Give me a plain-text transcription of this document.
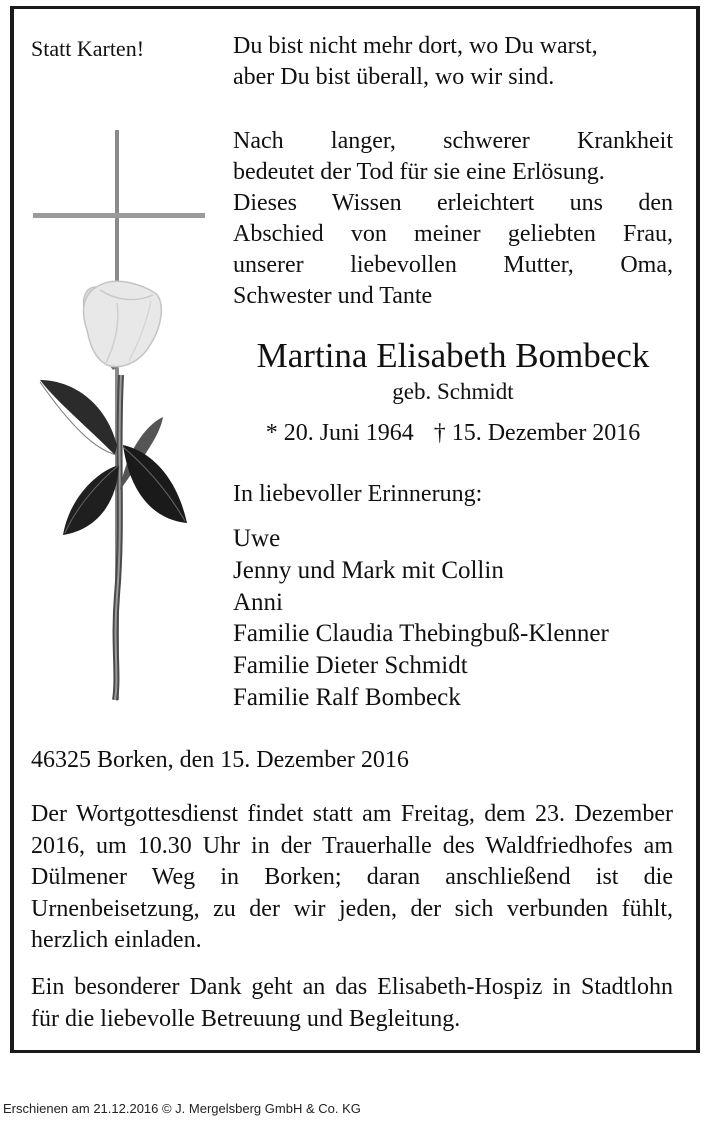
Statt Karten!	Du bist nicht mehr dort, wo Du warst,
aber Du bist überall, wo wir sind.
Nach langer, schwerer Krankheit
bedeutet der Tod für sie eine Erlösung.
Dieses Wissen erleichtert uns den
Abschied von meiner geliebten Frau,
unserer liebevollen Mutter, Oma,
Schwester und Tante
Martina Elisabeth Bombeck
geb. Schmidt
* 20. Juni 1964 † 15. Dezember 2016
In liebevoller Erinnerung:
Uwe
Jenny und Mark mit Collin
Anni
Familie Claudia Thebingbuß-Klenner
Familie Dieter Schmidt
Familie Ralf Bombeck
46325 Borken, den 15. Dezember 2016
Der Wortgottesdienst findet statt am Freitag, dem 23. Dezember 2016, um 10.30 Uhr in der Trauerhalle des Waldfriedhofes am Dülmener Weg in Borken; daran anschließend ist die Urnenbeisetzung, zu der wir jeden, der sich verbunden fühlt, herzlich einladen.
Ein besonderer Dank geht an das Elisabeth-Hospiz in Stadtlohn für die liebevolle Betreuung und Begleitung.
Erschienen am 21.12.2016 © J. Mergelsberg GmbH & Co. KG
